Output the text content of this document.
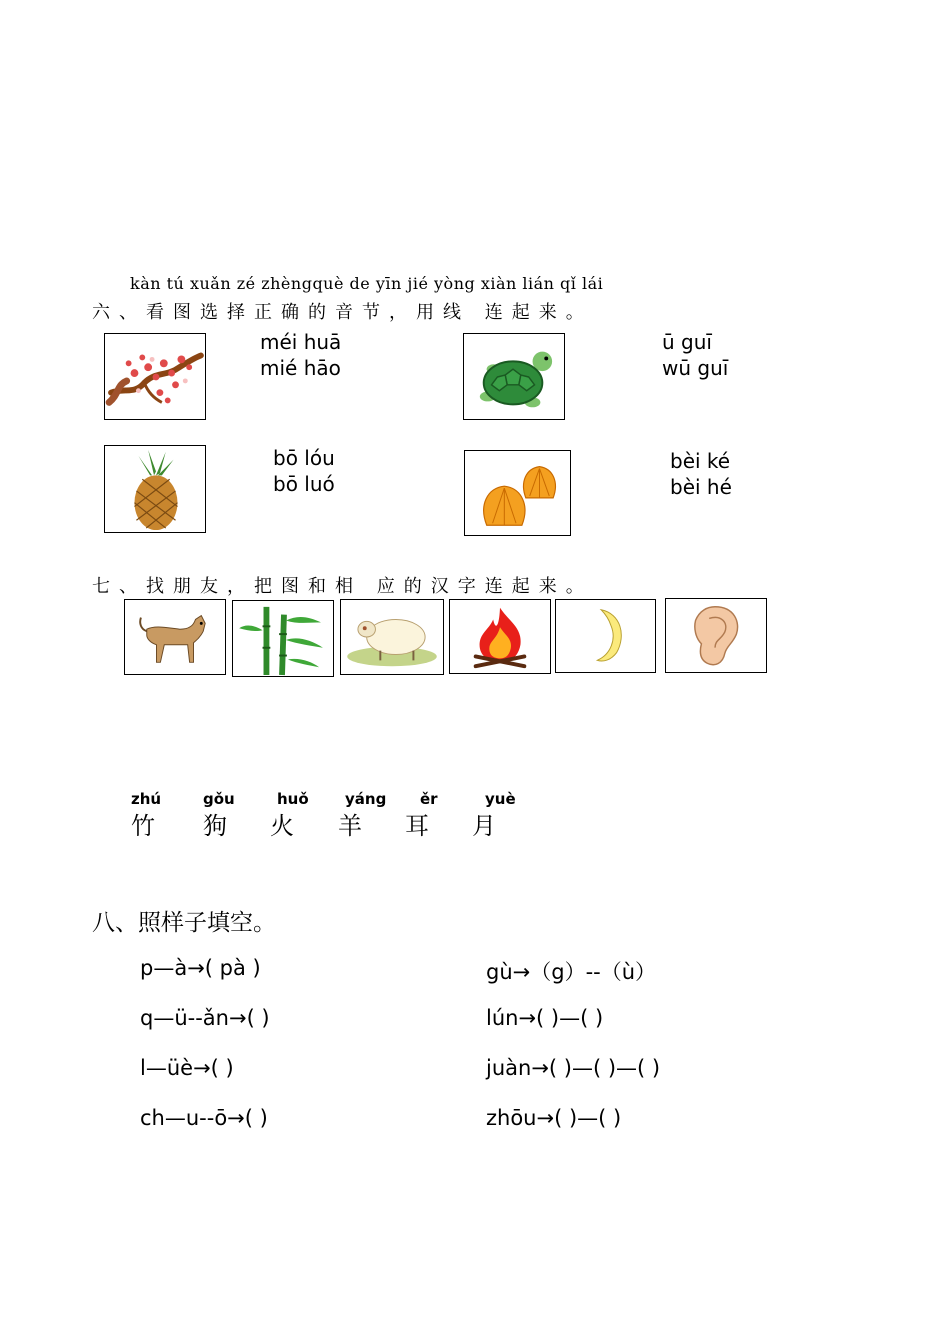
kàn tú xuǎn zé zhèngquè de yīn jié yòng xiàn lián qǐ lái
六、看图选择正确的音节，用线 连起来。
méi huā
mié hāo
ū guī
wū guī
bō lóu
bō luó
bèi ké
bèi hé
七、找朋友，把图和相 应的汉字连起来。
zhú
竹
gǒu
狗
huǒ
火
yáng
羊
ěr
耳
yuè
月
八、照样子填空。
p—à→( pà )
q—ü--ǎn→( )
l—üè→( )
ch—u--ō→( )
gù→（g）--（ù）
lún→( )—( )
juàn→( )—( )—( )
zhōu→( )—( )
